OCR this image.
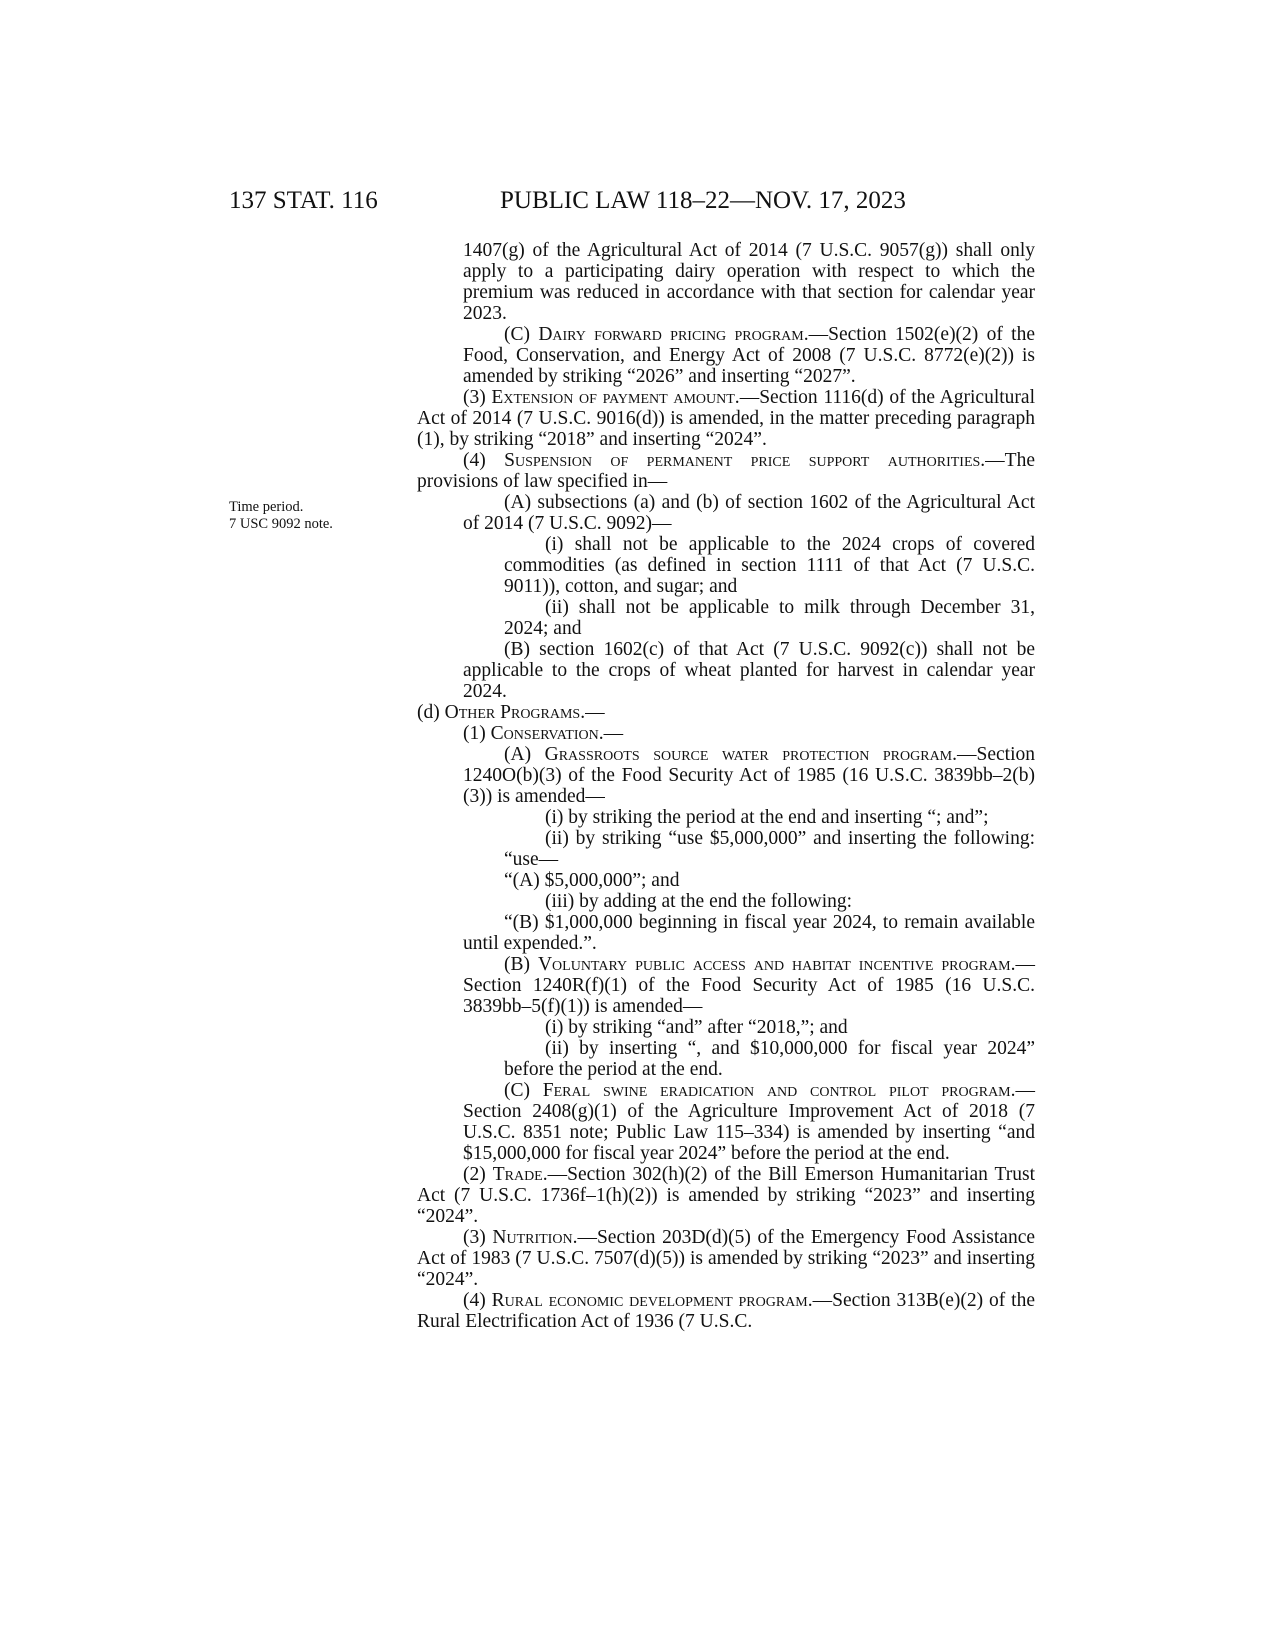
137 STAT. 116	PUBLIC LAW 118–22—NOV. 17, 2023
Time period.
7 USC 9092 note.

1407(g) of the Agricultural Act of 2014 (7 U.S.C. 9057(g)) shall only apply to a participating dairy operation with respect to which the premium was reduced in accordance with that section for calendar year 2023.

(C) Dairy forward pricing program.—Section 1502(e)(2) of the Food, Conservation, and Energy Act of 2008 (7 U.S.C. 8772(e)(2)) is amended by striking “2026” and inserting “2027”.

(3) Extension of payment amount.—Section 1116(d) of the Agricultural Act of 2014 (7 U.S.C. 9016(d)) is amended, in the matter preceding paragraph (1), by striking “2018” and inserting “2024”.

(4) Suspension of permanent price support authorities.—The provisions of law specified in—

(A) subsections (a) and (b) of section 1602 of the Agricultural Act of 2014 (7 U.S.C. 9092)—

(i) shall not be applicable to the 2024 crops of covered commodities (as defined in section 1111 of that Act (7 U.S.C. 9011)), cotton, and sugar; and

(ii) shall not be applicable to milk through December 31, 2024; and

(B) section 1602(c) of that Act (7 U.S.C. 9092(c)) shall not be applicable to the crops of wheat planted for harvest in calendar year 2024.

(d) Other Programs.—

(1) Conservation.—

(A) Grassroots source water protection program.—Section 1240O(b)(3) of the Food Security Act of 1985 (16 U.S.C. 3839bb–2(b)(3)) is amended—

(i) by striking the period at the end and inserting “; and”;

(ii) by striking “use $5,000,000” and inserting the following: “use—

“(A) $5,000,000”; and

(iii) by adding at the end the following:

“(B) $1,000,000 beginning in fiscal year 2024, to remain available until expended.”.

(B) Voluntary public access and habitat incentive program.—Section 1240R(f)(1) of the Food Security Act of 1985 (16 U.S.C. 3839bb–5(f)(1)) is amended—

(i) by striking “and” after “2018,”; and

(ii) by inserting “, and $10,000,000 for fiscal year 2024” before the period at the end.

(C) Feral swine eradication and control pilot program.—Section 2408(g)(1) of the Agriculture Improvement Act of 2018 (7 U.S.C. 8351 note; Public Law 115–334) is amended by inserting “and $15,000,000 for fiscal year 2024” before the period at the end.

(2) Trade.—Section 302(h)(2) of the Bill Emerson Humanitarian Trust Act (7 U.S.C. 1736f–1(h)(2)) is amended by striking “2023” and inserting “2024”.

(3) Nutrition.—Section 203D(d)(5) of the Emergency Food Assistance Act of 1983 (7 U.S.C. 7507(d)(5)) is amended by striking “2023” and inserting “2024”.

(4) Rural economic development program.—Section 313B(e)(2) of the Rural Electrification Act of 1936 (7 U.S.C.
